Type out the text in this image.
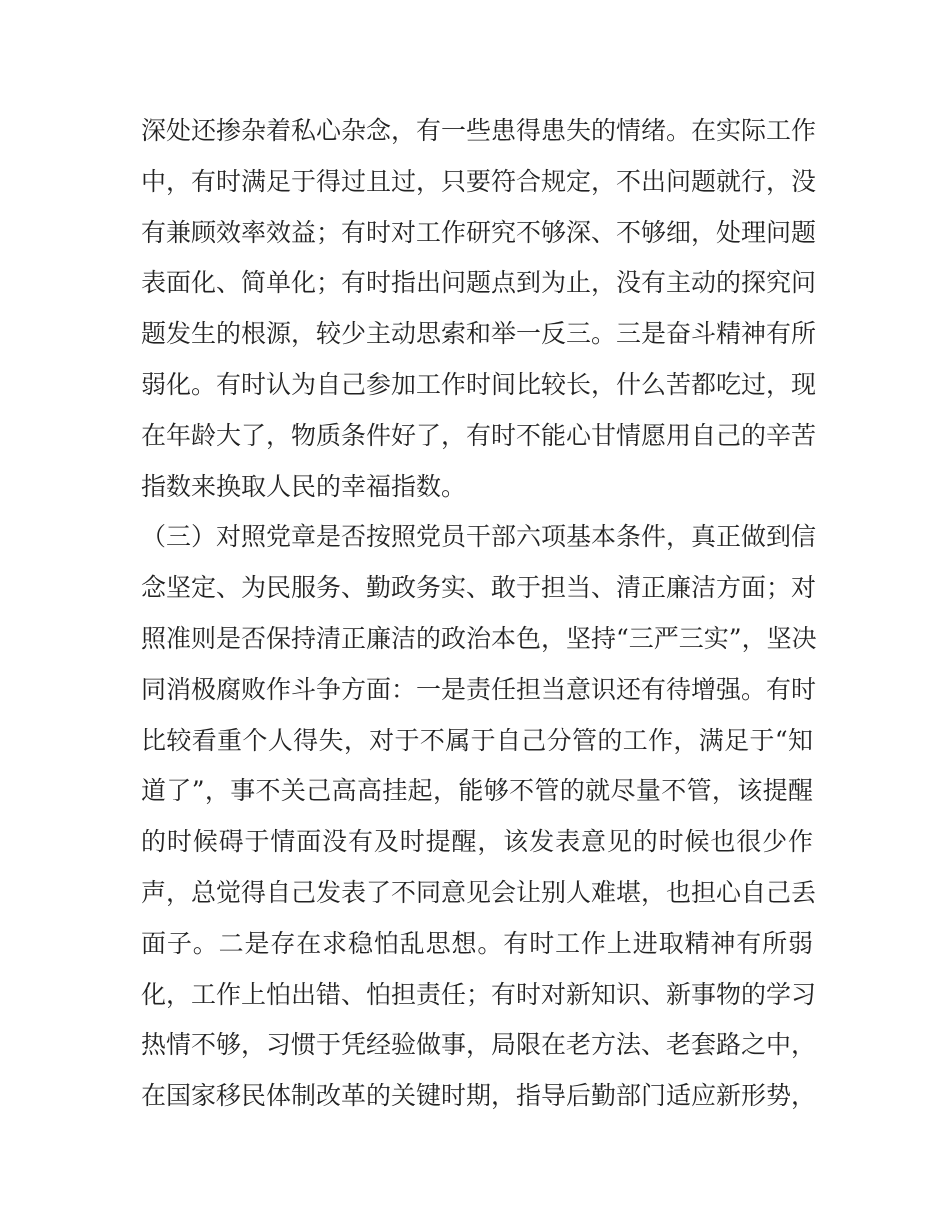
深处还掺杂着私心杂念，有一些患得患失的情绪。在实际工作
中，有时满足于得过且过，只要符合规定，不出问题就行，没
有兼顾效率效益；有时对工作研究不够深、不够细，处理问题
表面化、简单化；有时指出问题点到为止，没有主动的探究问
题发生的根源，较少主动思索和举一反三。三是奋斗精神有所
弱化。有时认为自己参加工作时间比较长，什么苦都吃过，现
在年龄大了，物质条件好了，有时不能心甘情愿用自己的辛苦
指数来换取人民的幸福指数。
（三）对照党章是否按照党员干部六项基本条件，真正做到信
念坚定、为民服务、勤政务实、敢于担当、清正廉洁方面；对
照准则是否保持清正廉洁的政治本色，坚持“三严三实”，坚决
同消极腐败作斗争方面：一是责任担当意识还有待增强。有时
比较看重个人得失，对于不属于自己分管的工作，满足于“知
道了”，事不关己高高挂起，能够不管的就尽量不管，该提醒
的时候碍于情面没有及时提醒，该发表意见的时候也很少作
声，总觉得自己发表了不同意见会让别人难堪，也担心自己丢
面子。二是存在求稳怕乱思想。有时工作上进取精神有所弱
化，工作上怕出错、怕担责任；有时对新知识、新事物的学习
热情不够，习惯于凭经验做事，局限在老方法、老套路之中，
在国家移民体制改革的关键时期，指导后勤部门适应新形势，
